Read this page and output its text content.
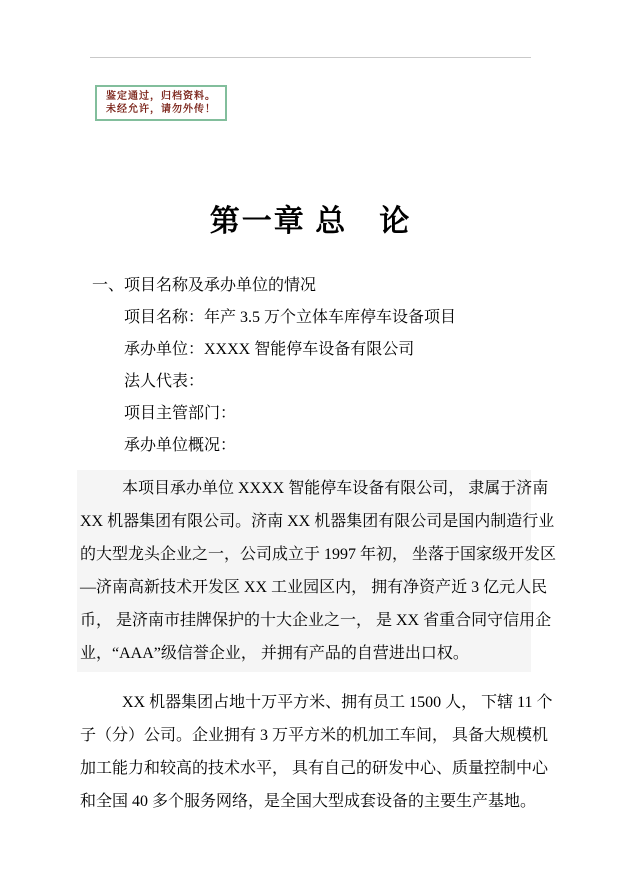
鉴定通过，归档资料。
未经允许，请勿外传！
第一章 总　论
一、项目名称及承办单位的情况
项目名称：年产 3.5 万个立体车库停车设备项目
承办单位：XXXX 智能停车设备有限公司
法人代表：
项目主管部门：
承办单位概况：
本项目承办单位 XXXX 智能停车设备有限公司， 隶属于济南
XX 机器集团有限公司。济南 XX 机器集团有限公司是国内制造行业
的大型龙头企业之一，公司成立于 1997 年初， 坐落于国家级开发区
—济南高新技术开发区 XX 工业园区内， 拥有净资产近 3 亿元人民
币， 是济南市挂牌保护的十大企业之一， 是 XX 省重合同守信用企
业，“AAA”级信誉企业， 并拥有产品的自营进出口权。
XX 机器集团占地十万平方米、拥有员工 1500 人， 下辖 11 个
子（分）公司。企业拥有 3 万平方米的机加工车间， 具备大规模机
加工能力和较高的技术水平， 具有自己的研发中心、质量控制中心
和全国 40 多个服务网络，是全国大型成套设备的主要生产基地。
